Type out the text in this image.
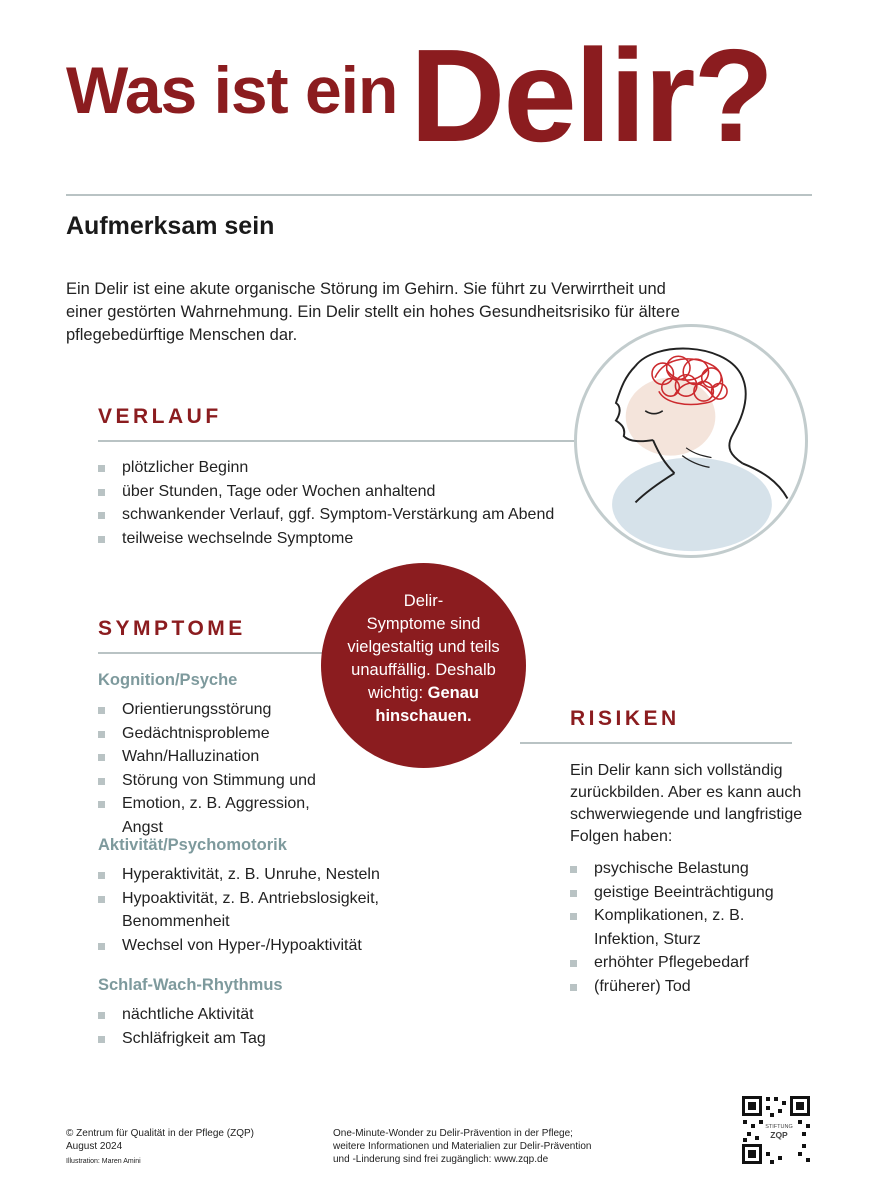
Was ist ein Delir?
Aufmerksam sein

Ein Delir ist eine akute organische Störung im Gehirn. Sie führt zu Verwirrtheit und einer gestörten Wahrnehmung. Ein Delir stellt ein hohes Gesundheitsrisiko für ältere pflegebedürftige Menschen dar.

VERLAUF
plötzlicher Beginn
über Stunden, Tage oder Wochen anhaltend
schwankender Verlauf, ggf. Symptom-Verstärkung am Abend
teilweise wechselnde Symptome
SYMPTOME
Kognition/Psyche
Orientierungsstörung
Gedächtnisprobleme
Wahn/Halluzination
Störung von Stimmung und
Emotion, z. B. Aggression, Angst
Aktivität/Psychomotorik
Hyperaktivität, z. B. Unruhe, Nesteln
Hypoaktivität, z. B. Antriebslosigkeit, Benommenheit
Wechsel von Hyper-/Hypoaktivität
Schlaf-Wach-Rhythmus
nächtliche Aktivität
Schläfrigkeit am Tag
RISIKEN

Ein Delir kann sich vollständig zurückbilden. Aber es kann auch schwerwiegende und langfristige Folgen haben:

psychische Belastung
geistige Beeinträchtigung
Komplikationen, z. B. Infektion, Sturz
erhöhter Pflegebedarf
(früherer) Tod
Delir-
Symptome sind
vielgestaltig und teils
unauffällig. Deshalb
wichtig: Genau
hinschauen.
© Zentrum für Qualität in der Pflege (ZQP)
August 2024
Illustration: Maren Amini
One-Minute-Wonder zu Delir-Prävention in der Pflege;
weitere Informationen und Materialien zur Delir-Prävention
und -Linderung sind frei zugänglich: www.zqp.de
STIFTUNG
ZQP
